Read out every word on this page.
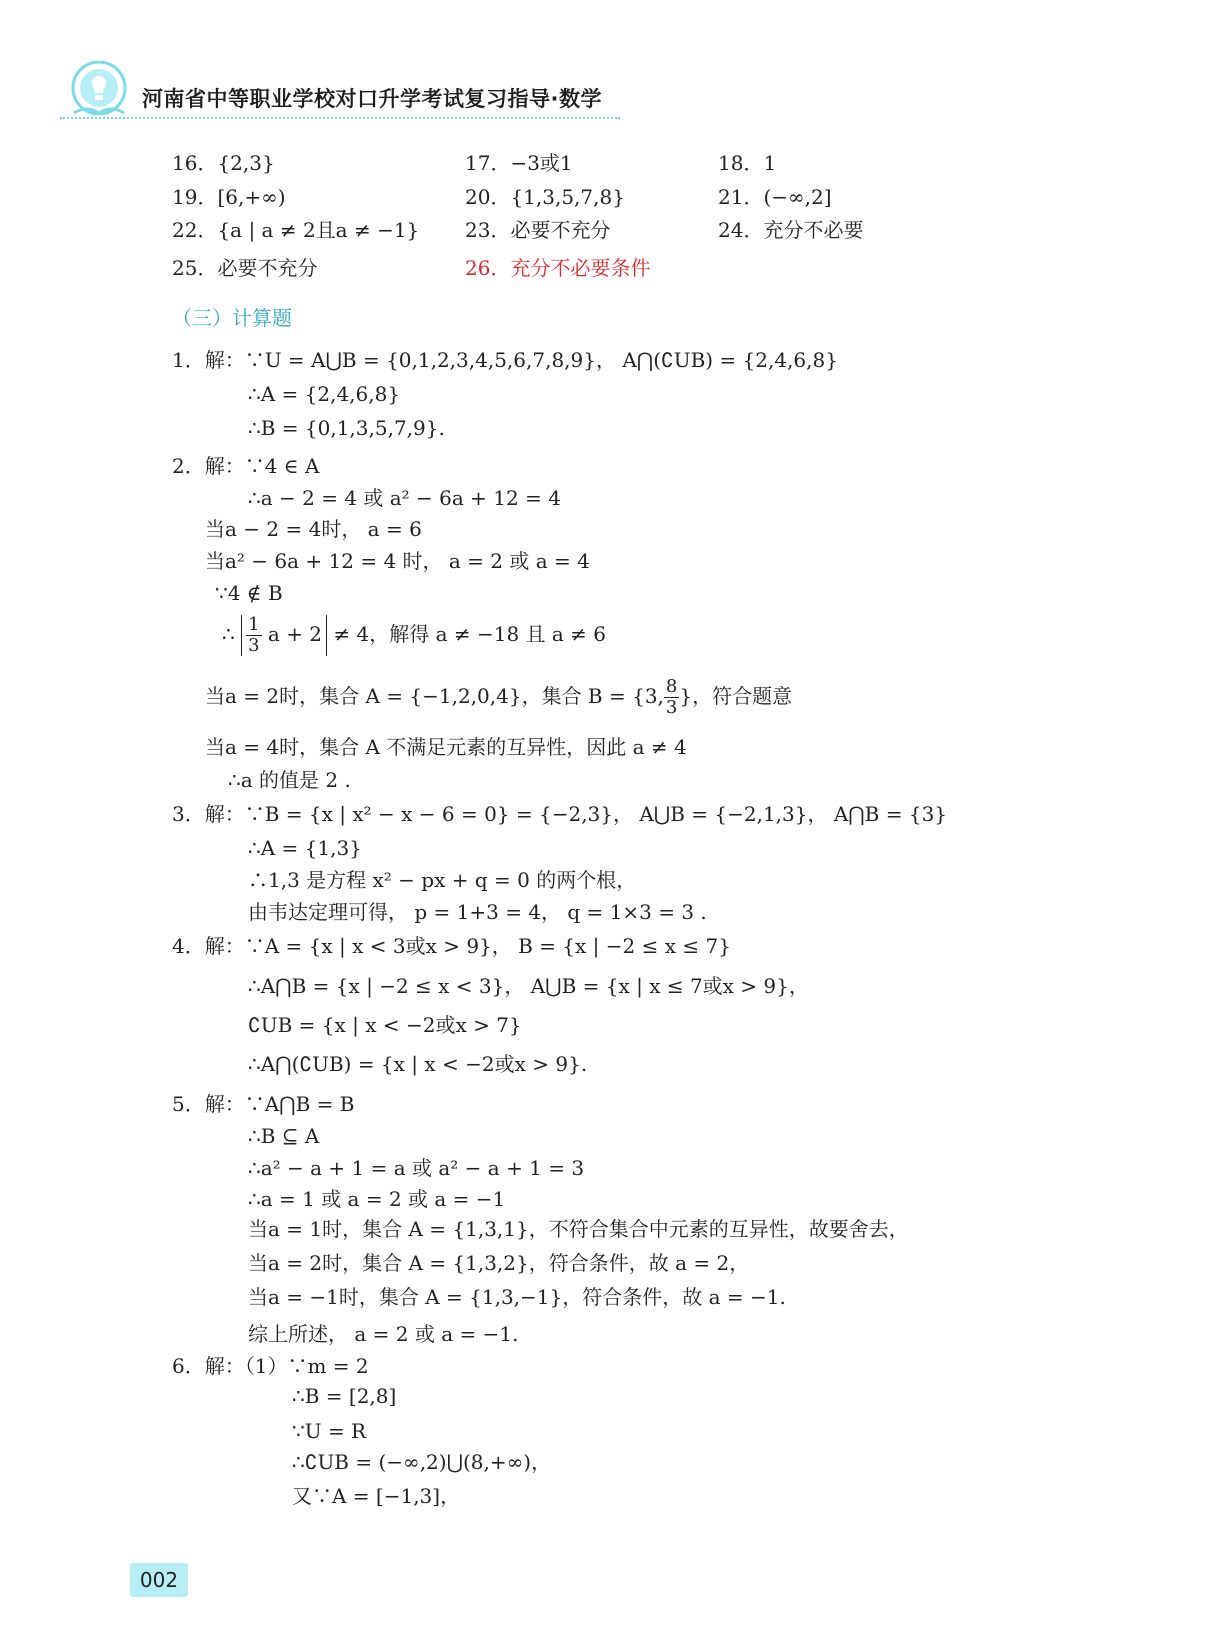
河南省中等职业学校对口升学考试复习指导·数学
16．{2,3}	17．−3或1	18．1
19．[6,+∞)	20．{1,3,5,7,8}	21．(−∞,2]
22．{a | a ≠ 2且a ≠ −1} 23．必要不充分	24．充分不必要
25．必要不充分	26．充分不必要条件
（三）计算题
1．解：∵U = A⋃B = {0,1,2,3,4,5,6,7,8,9}， A⋂(∁UB) = {2,4,6,8}
∴A = {2,4,6,8}
∴B = {0,1,3,5,7,9}.
2．解：∵4 ∈ A
∴a − 2 = 4 或 a² − 6a + 12 = 4
当a − 2 = 4时， a = 6
当a² − 6a + 12 = 4 时， a = 2 或 a = 4
∵4 ∉ B
∴ $\frac{1}{3}$ a + 2 ≠ 4，解得 a ≠ −18 且 a ≠ 6
当a = 2时，集合 A = {−1,2,0,4}，集合 B = {3, $\frac{8}{3}$ }，符合题意
当a = 4时，集合 A 不满足元素的互异性，因此 a ≠ 4
∴a 的值是 2 .
3．解：∵B = {x | x² − x − 6 = 0} = {−2,3}， A⋃B = {−2,1,3}， A⋂B = {3}
∴A = {1,3}
∴1,3 是方程 x² − px + q = 0 的两个根，
由韦达定理可得， p = 1+3 = 4， q = 1×3 = 3 .
4．解：∵A = {x | x < 3或x > 9}， B = {x | −2 ≤ x ≤ 7}
∴A⋂B = {x | −2 ≤ x < 3}， A⋃B = {x | x ≤ 7或x > 9}，
∁UB = {x | x < −2或x > 7}
∴A⋂(∁UB) = {x | x < −2或x > 9}.
5．解：∵A⋂B = B
∴B ⊆ A
∴a² − a + 1 = a 或 a² − a + 1 = 3
∴a = 1 或 a = 2 或 a = −1
当a = 1时，集合 A = {1,3,1}，不符合集合中元素的互异性，故要舍去，
当a = 2时，集合 A = {1,3,2}，符合条件，故 a = 2，
当a = −1时，集合 A = {1,3,−1}，符合条件，故 a = −1.
综上所述， a = 2 或 a = −1.
6．解：（1）∵m = 2
∴B = [2,8]
∵U = R
∴∁UB = (−∞,2)⋃(8,+∞)，
又∵A = [−1,3]，
002
